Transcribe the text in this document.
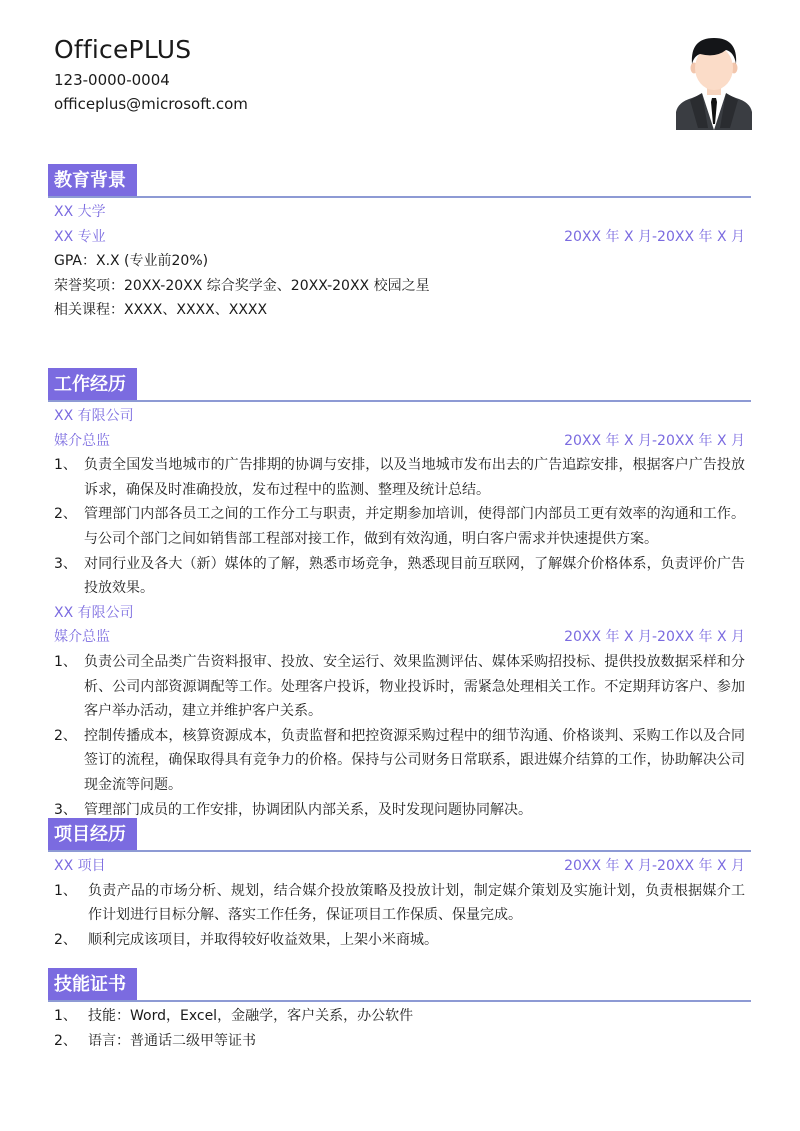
OfficePLUS
123-0000-0004
officeplus@microsoft.com
教育背景
XX 大学
XX 专业	20XX 年 X 月-20XX 年 X 月
GPA：X.X (专业前20%)
荣誉奖项：20XX-20XX 综合奖学金、20XX-20XX 校园之星
相关课程：XXXX、XXXX、XXXX
工作经历
XX 有限公司
媒介总监	20XX 年 X 月-20XX 年 X 月
1、 负责全国发当地城市的广告排期的协调与安排，以及当地城市发布出去的广告追踪安排，根据客户广告投放诉求，确保及时准确投放，发布过程中的监测、整理及统计总结。
2、 管理部门内部各员工之间的工作分工与职责，并定期参加培训，使得部门内部员工更有效率的沟通和工作。与公司个部门之间如销售部工程部对接工作，做到有效沟通，明白客户需求并快速提供方案。
3、 对同行业及各大（新）媒体的了解，熟悉市场竞争，熟悉现目前互联网，了解媒介价格体系，负责评价广告投放效果。
XX 有限公司
媒介总监	20XX 年 X 月-20XX 年 X 月
1、 负责公司全品类广告资料报审、投放、安全运行、效果监测评估、媒体采购招投标、提供投放数据采样和分析、公司内部资源调配等工作。处理客户投诉，物业投诉时，需紧急处理相关工作。不定期拜访客户、参加客户举办活动，建立并维护客户关系。
2、 控制传播成本，核算资源成本，负责监督和把控资源采购过程中的细节沟通、价格谈判、采购工作以及合同签订的流程，确保取得具有竞争力的价格。保持与公司财务日常联系，跟进媒介结算的工作，协助解决公司现金流等问题。
3、 管理部门成员的工作安排，协调团队内部关系，及时发现问题协同解决。
项目经历
XX 项目	20XX 年 X 月-20XX 年 X 月
1、 负责产品的市场分析、规划，结合媒介投放策略及投放计划，制定媒介策划及实施计划，负责根据媒介工作计划进行目标分解、落实工作任务，保证项目工作保质、保量完成。
2、 顺利完成该项目，并取得较好收益效果，上架小米商城。
技能证书
1、 技能：Word，Excel，金融学，客户关系，办公软件
2、 语言：普通话二级甲等证书
